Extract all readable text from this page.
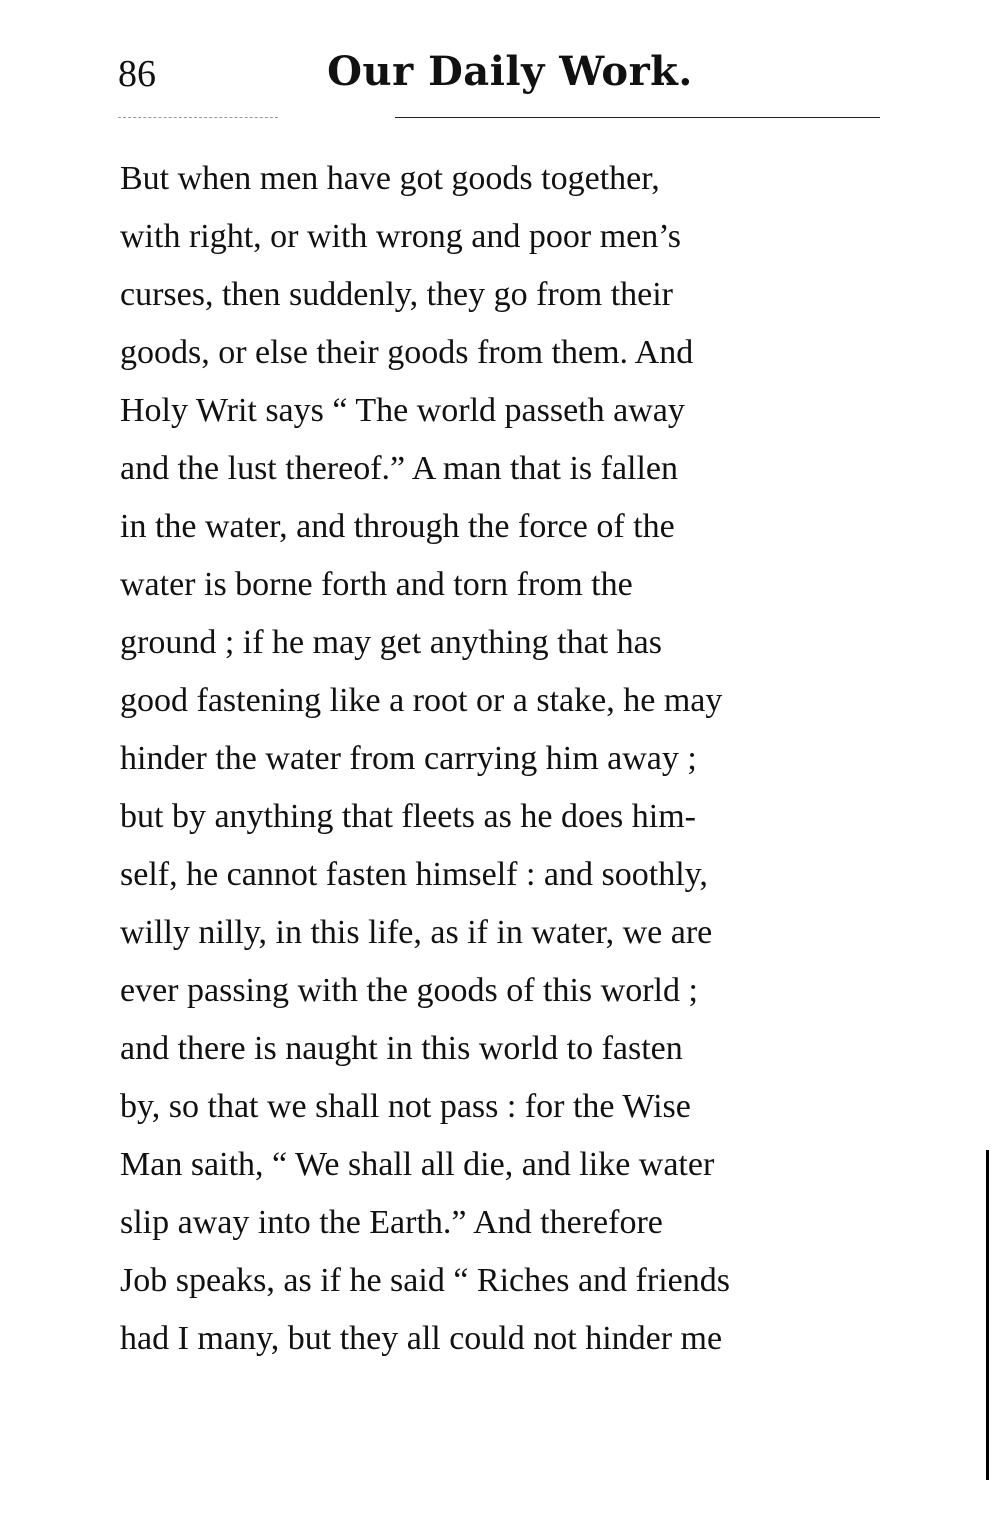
86	Our Daily Work.
But when men have got goods together,
with right, or with wrong and poor men’s
curses, then suddenly, they go from their
goods, or else their goods from them. And
Holy Writ says “ The world passeth away
and the lust thereof.” A man that is fallen
in the water, and through the force of the
water is borne forth and torn from the
ground ; if he may get anything that has
good fastening like a root or a stake, he may
hinder the water from carrying him away ;
but by anything that fleets as he does him-
self, he cannot fasten himself : and soothly,
willy nilly, in this life, as if in water, we are
ever passing with the goods of this world ;
and there is naught in this world to fasten
by, so that we shall not pass : for the Wise
Man saith, “ We shall all die, and like water
slip away into the Earth.” And therefore
Job speaks, as if he said “ Riches and friends
had I many, but they all could not hinder me
